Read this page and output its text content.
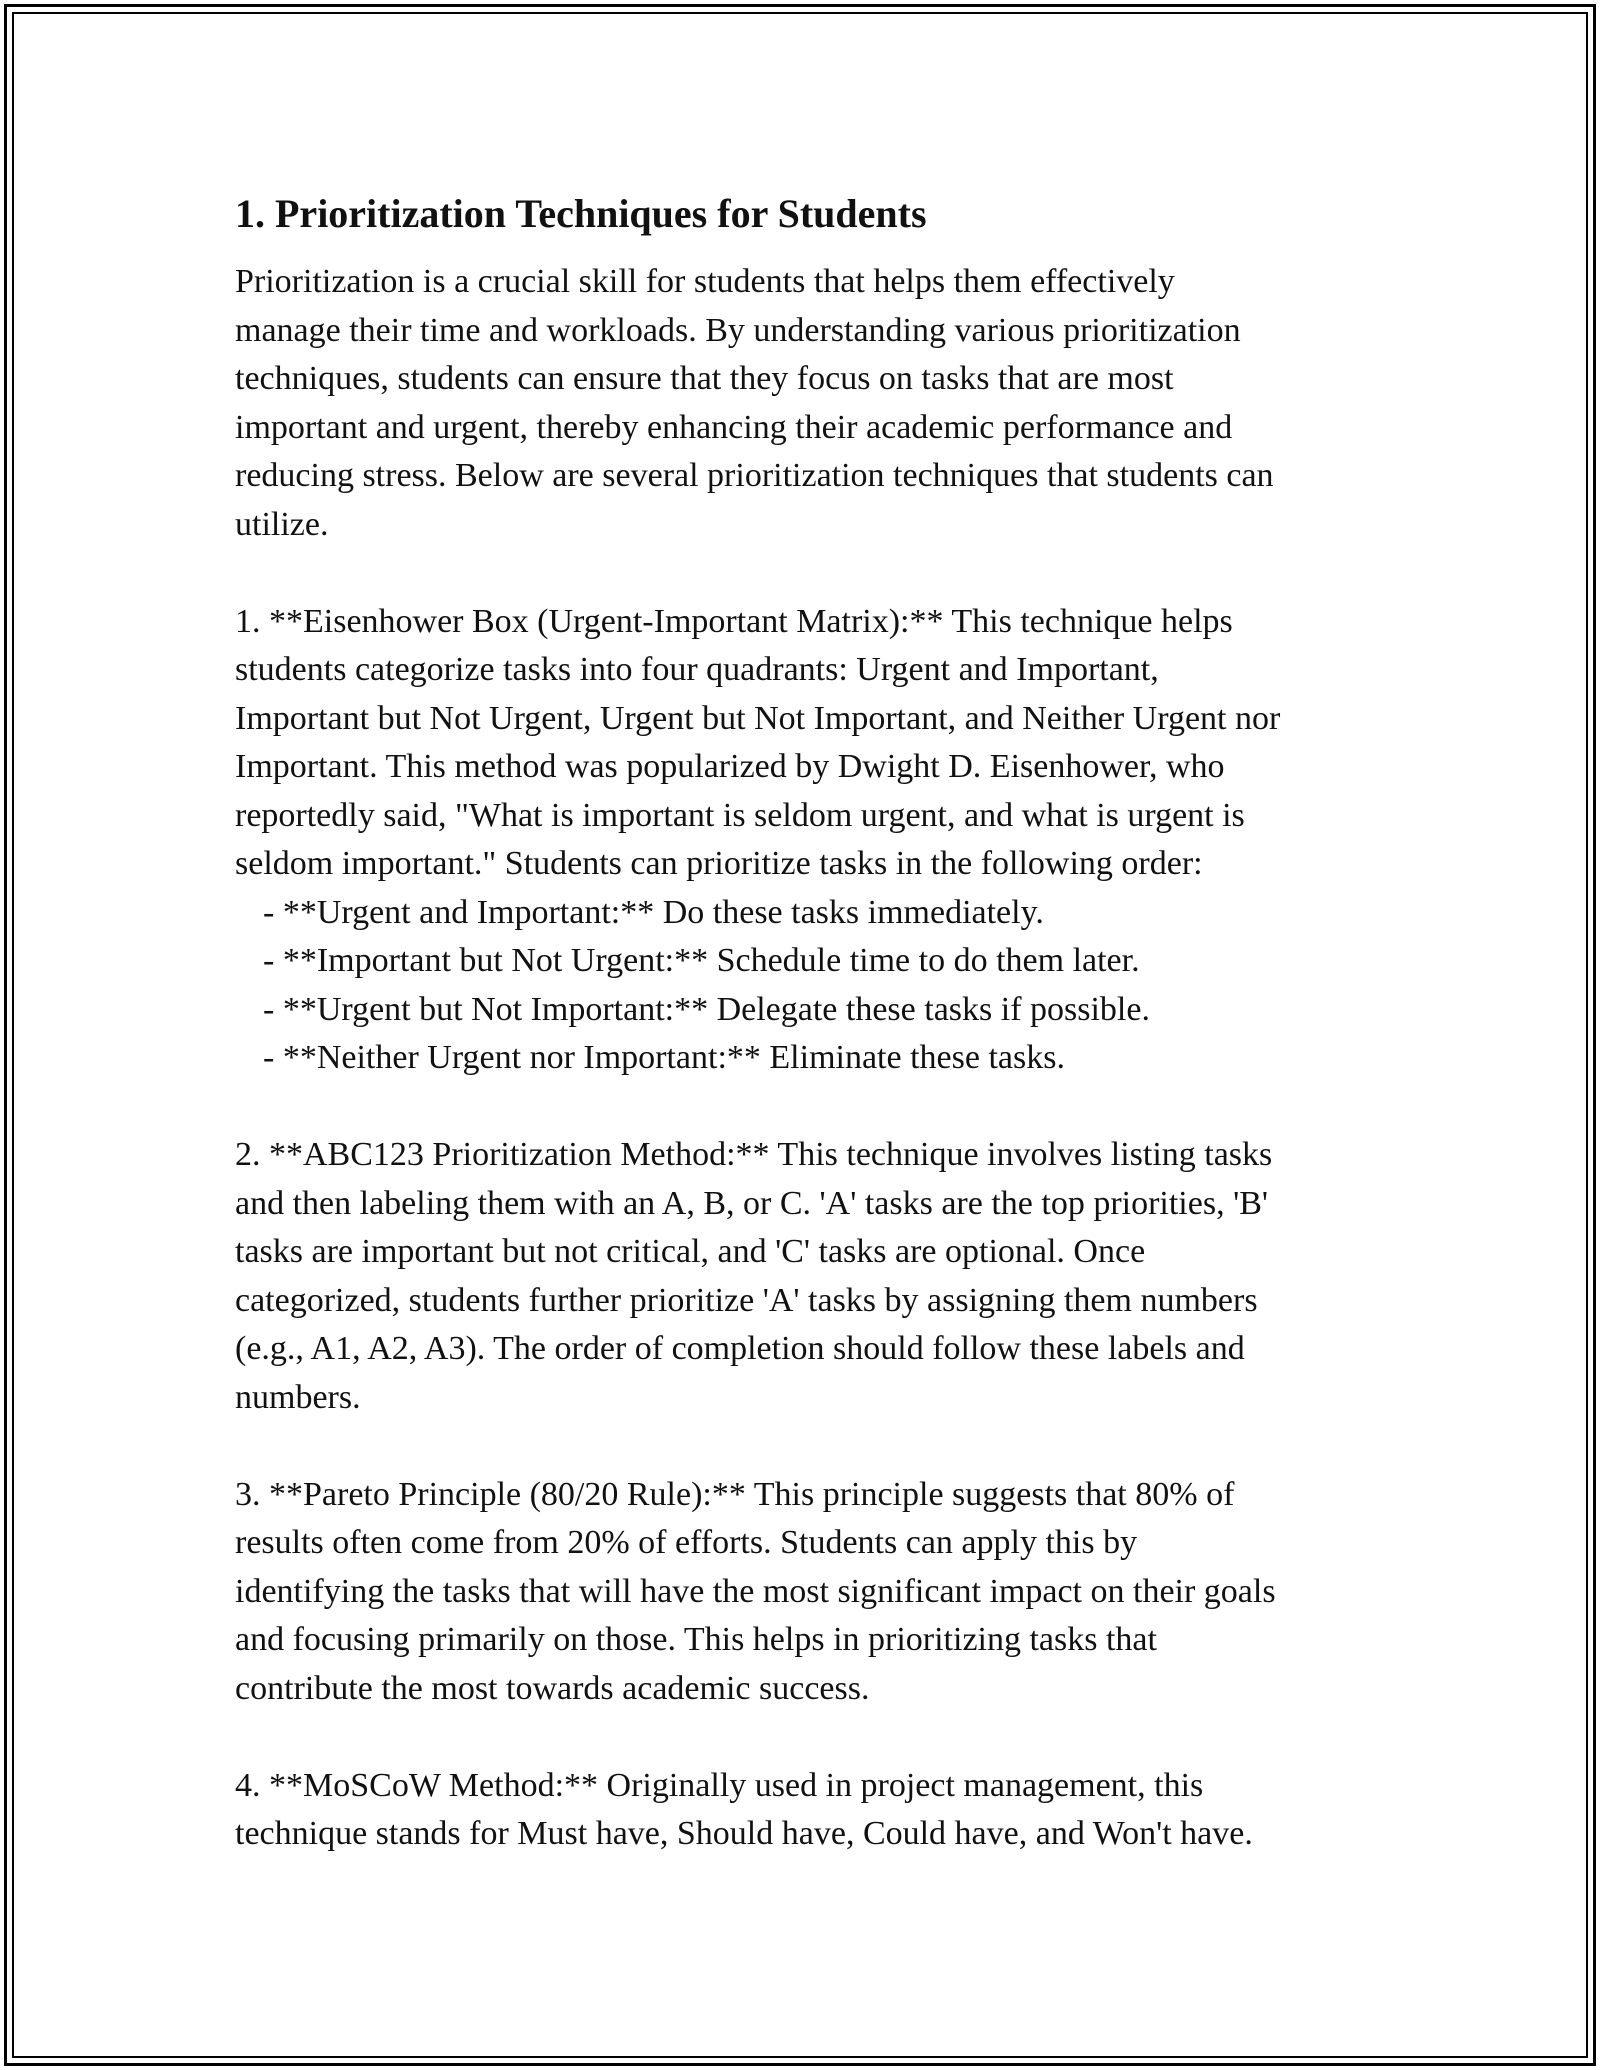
1. Prioritization Techniques for Students

Prioritization is a crucial skill for students that helps them effectively
manage their time and workloads. By understanding various prioritization
techniques, students can ensure that they focus on tasks that are most
important and urgent, thereby enhancing their academic performance and
reducing stress. Below are several prioritization techniques that students can
utilize.

1. **Eisenhower Box (Urgent-Important Matrix):** This technique helps
students categorize tasks into four quadrants: Urgent and Important,
Important but Not Urgent, Urgent but Not Important, and Neither Urgent nor
Important. This method was popularized by Dwight D. Eisenhower, who
reportedly said, "What is important is seldom urgent, and what is urgent is
seldom important." Students can prioritize tasks in the following order:

- **Urgent and Important:** Do these tasks immediately.

- **Important but Not Urgent:** Schedule time to do them later.

- **Urgent but Not Important:** Delegate these tasks if possible.

- **Neither Urgent nor Important:** Eliminate these tasks.

2. **ABC123 Prioritization Method:** This technique involves listing tasks
and then labeling them with an A, B, or C. 'A' tasks are the top priorities, 'B'
tasks are important but not critical, and 'C' tasks are optional. Once
categorized, students further prioritize 'A' tasks by assigning them numbers
(e.g., A1, A2, A3). The order of completion should follow these labels and
numbers.

3. **Pareto Principle (80/20 Rule):** This principle suggests that 80% of
results often come from 20% of efforts. Students can apply this by
identifying the tasks that will have the most significant impact on their goals
and focusing primarily on those. This helps in prioritizing tasks that
contribute the most towards academic success.

4. **MoSCoW Method:** Originally used in project management, this
technique stands for Must have, Should have, Could have, and Won't have.
